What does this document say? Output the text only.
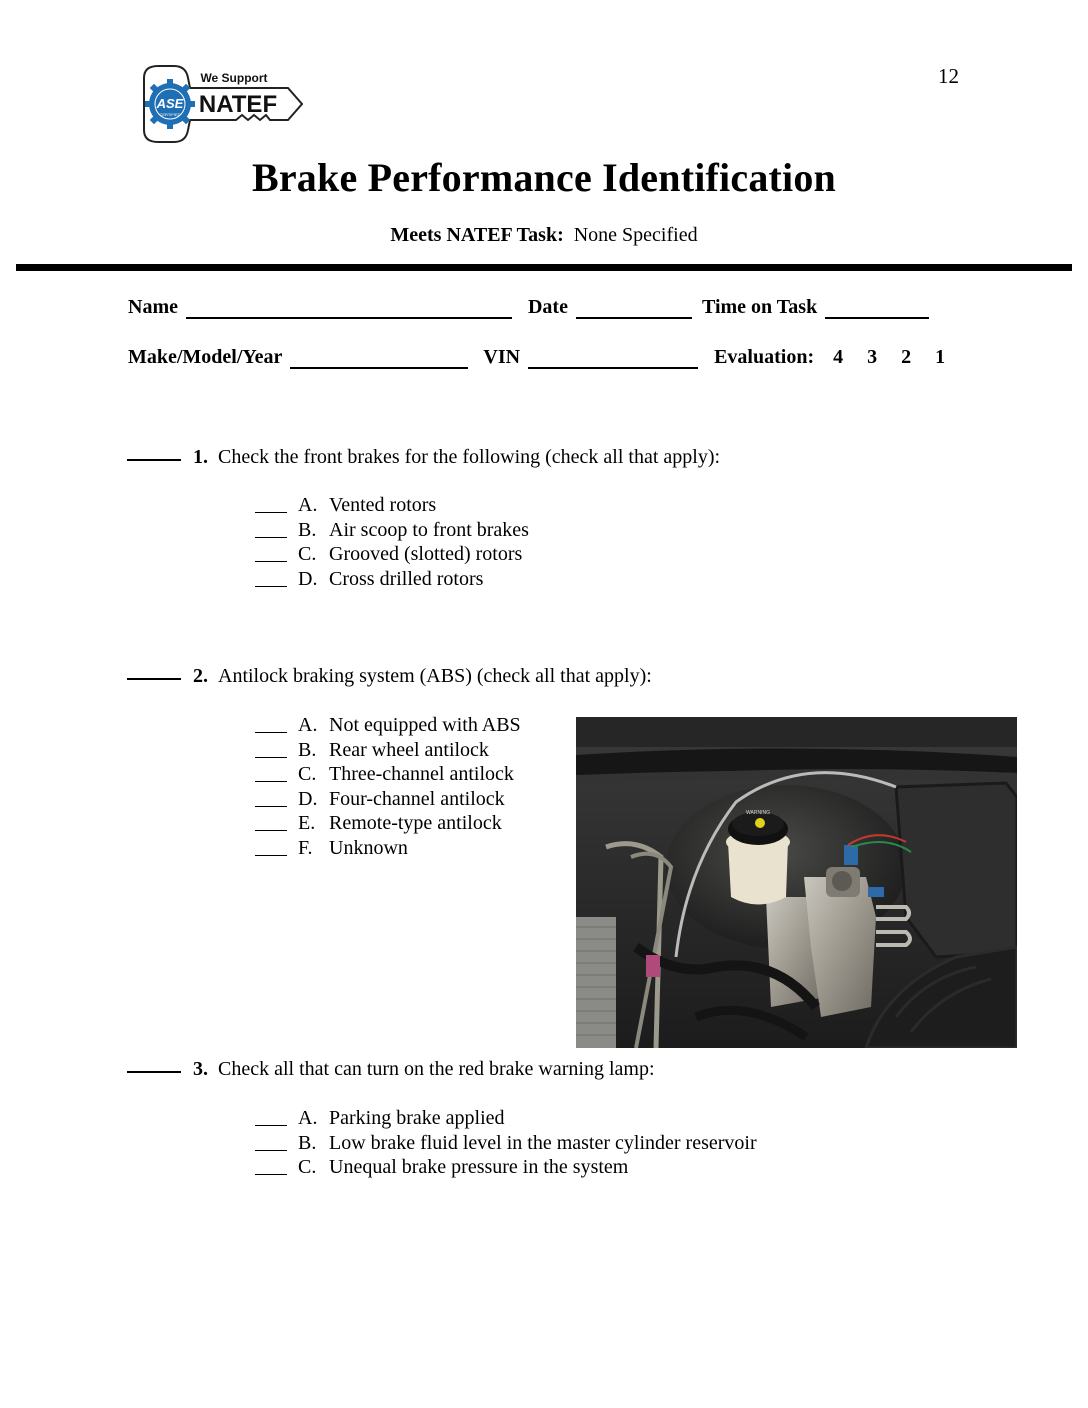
12
ASE
CERTIFIED
We Support
NATEF
Brake Performance Identification
Meets NATEF Task: None Specified
Name	Date	Time on Task
Make/Model/Year	VIN	Evaluation: 4 3 2 1
1. Check the front brakes for the following (check all that apply):
A. Vented rotors
B. Air scoop to front brakes
C. Grooved (slotted) rotors
D. Cross drilled rotors
2. Antilock braking system (ABS) (check all that apply):
A. Not equipped with ABS
B. Rear wheel antilock
C. Three-channel antilock
D. Four-channel antilock
E. Remote-type antilock
F. Unknown
WARNING
3. Check all that can turn on the red brake warning lamp:
A. Parking brake applied
B. Low brake fluid level in the master cylinder reservoir
C. Unequal brake pressure in the system
